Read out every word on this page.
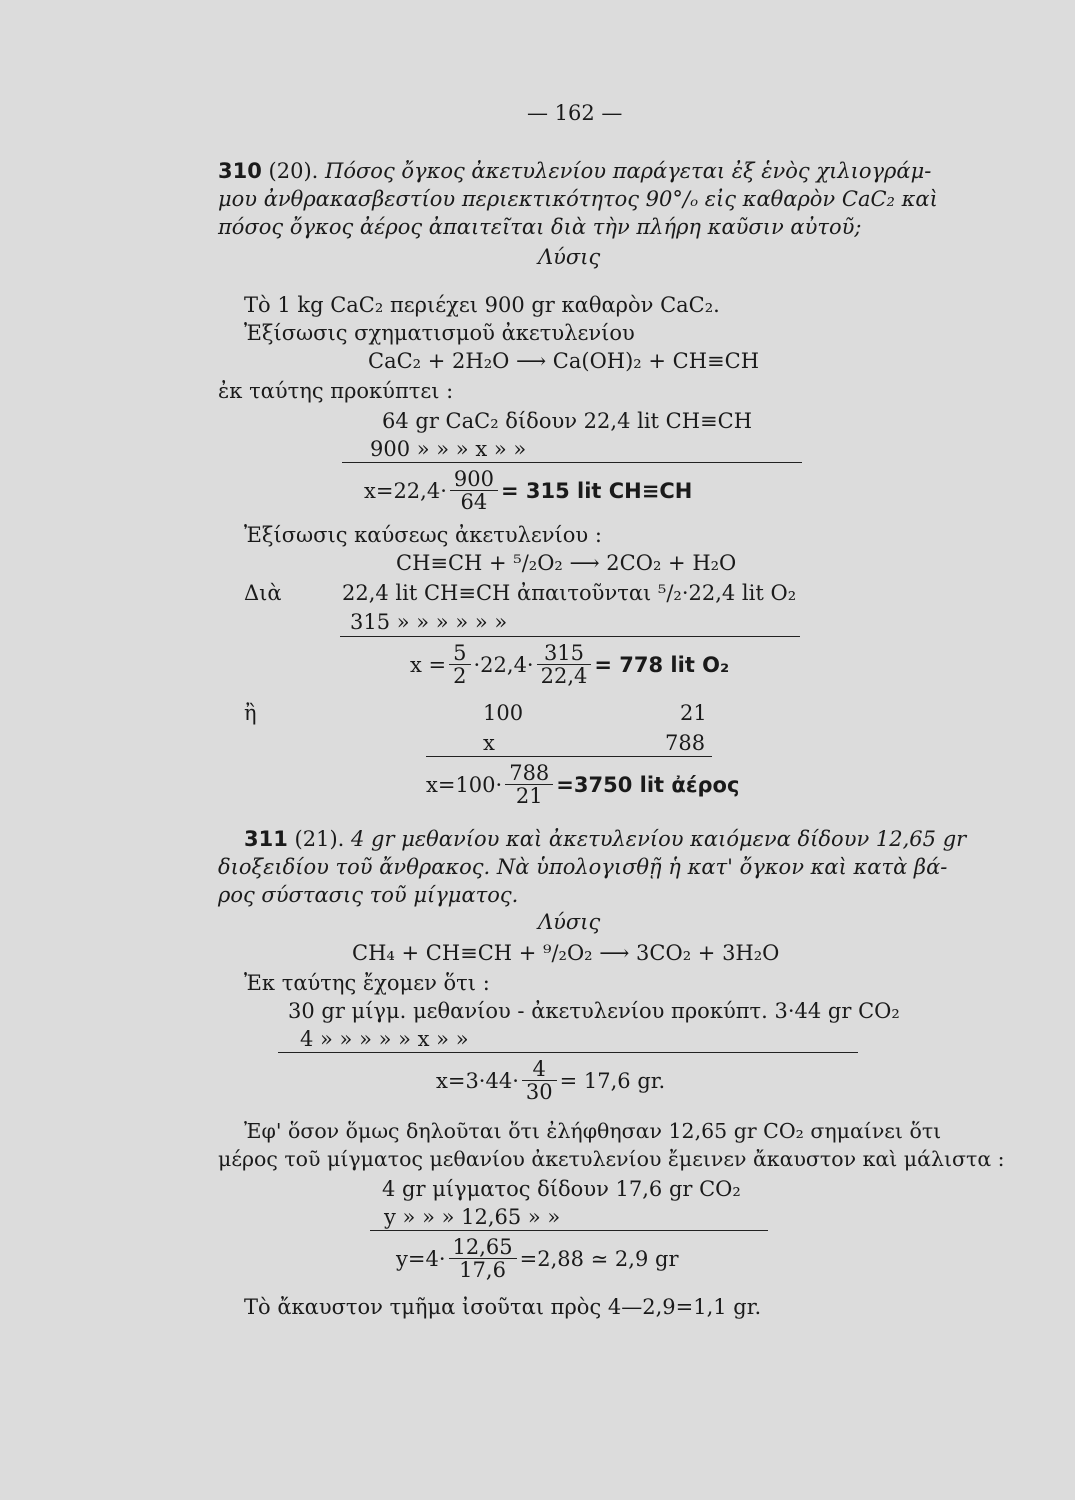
— 162 —
310 (20). Πόσος ὄγκος ἀκετυλενίου παράγεται ἐξ ἑνὸς χιλιογράμ-
μου ἀνθρακασβεστίου περιεκτικότητος 90°/ₒ εἰς καθαρὸν CaC₂ καὶ
πόσος ὄγκος ἀέρος ἀπαιτεῖται διὰ τὴν πλήρη καῦσιν αὐτοῦ;
Λύσις
Τὸ 1 kg CaC₂ περιέχει 900 gr καθαρὸν CaC₂.
Ἐξίσωσις σχηματισμοῦ ἀκετυλενίου
CaC₂ + 2H₂O ⟶ Ca(OH)₂ + CH≡CH
ἐκ ταύτης προκύπτει :
64 gr CaC₂ δίδουν 22,4 lit CH≡CH
900 » » » x » »
$x=22,4\cdot \frac{900}{64} = 315$ lit CH≡CH
Ἐξίσωσις καύσεως ἀκετυλενίου :
CH≡CH + ⁵/₂O₂ ⟶ 2CO₂ + H₂O
Διὰ	22,4 lit CH≡CH ἀπαιτοῦνται ⁵/₂·22,4 lit O₂
315 » » » » » »
$x = \frac{5}{2} \cdot 22,4\cdot \frac{315}{22,4} = 778$ lit O₂
ἢ	100	21
x	788
$x=100\cdot \frac{788}{21} =3750$ lit ἀέρος
311 (21). 4 gr μεθανίου καὶ ἀκετυλενίου καιόμενα δίδουν 12,65 gr
διοξειδίου τοῦ ἄνθρακος. Νὰ ὑπολογισθῇ ἡ κατ' ὄγκον καὶ κατὰ βά-
ρος σύστασις τοῦ μίγματος.
Λύσις
CH₄ + CH≡CH + ⁹/₂O₂ ⟶ 3CO₂ + 3H₂O
Ἐκ ταύτης ἔχομεν ὅτι :
30 gr μίγμ. μεθανίου - ἀκετυλενίου προκύπτ. 3·44 gr CO₂
4 » » » » » x » »
$x=3\cdot 44\cdot \frac{4}{30} = 17,6$ gr.
Ἐφ' ὅσον ὅμως δηλοῦται ὅτι ἐλήφθησαν 12,65 gr CO₂ σημαίνει ὅτι
μέρος τοῦ μίγματος μεθανίου ἀκετυλενίου ἔμεινεν ἄκαυστον καὶ μάλιστα :
4 gr μίγματος δίδουν 17,6 gr CO₂
y » » » 12,65 » »
$y=4\cdot \frac{12,65}{17,6} =2,88$ ≃ 2,9 gr
Τὸ ἄκαυστον τμῆμα ἰσοῦται πρὸς 4—2,9=1,1 gr.
